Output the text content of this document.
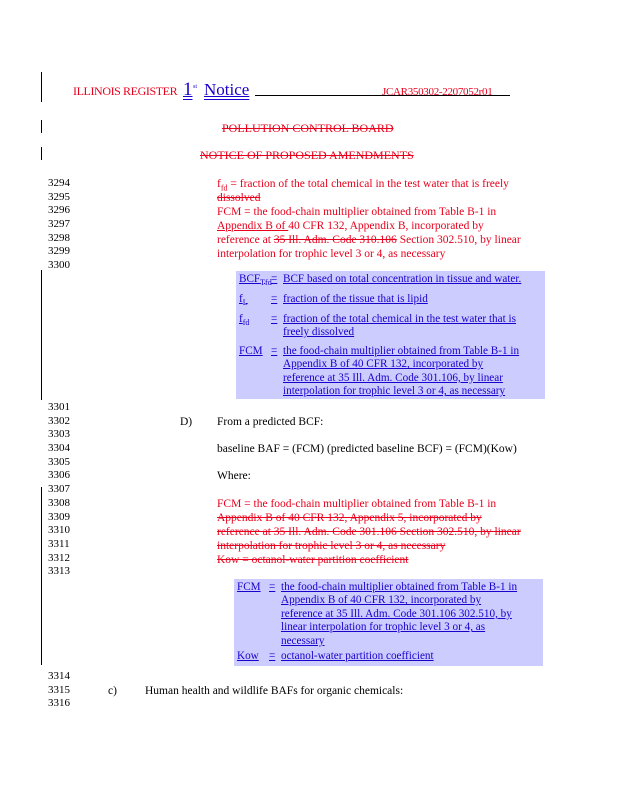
ILLINOIS REGISTER 1 st Notice	JCAR350302-2207052r01
POLLUTION CONTROL BOARD
NOTICE OF PROPOSED AMENDMENTS
3294
3295
3296
3297
3298
3299
3300
3301
3302
3303
3304
3305
3306
3307
3308
3309
3310
3311
3312
3313
3314
3315
3316
$f_{fd}$ = fraction of the total chemical in the test water that is freely
dissolved
FCM = the food-chain multiplier obtained from Table B-1 in
Appendix B of 40 CFR 132, Appendix B, incorporated by
reference at 35 Ill. Adm. Code 310.106 Section 302.510, by linear
interpolation for trophic level 3 or 4, as necessary
$BCF_{Tfd}$ = BCF based on total concentration in tissue and water.
$f_L$ = fraction of the tissue that is lipid
$f_{fd}$ = fraction of the total chemical in the test water that is
freely dissolved
FCM = the food-chain multiplier obtained from Table B-1 in
Appendix B of 40 CFR 132, incorporated by
reference at 35 Ill. Adm. Code 301.106, by linear
interpolation for trophic level 3 or 4, as necessary
D) From a predicted BCF:
baseline BAF = (FCM) (predicted baseline BCF) = (FCM)(Kow)
Where:
FCM = the food-chain multiplier obtained from Table B-1 in
Appendix B of 40 CFR 132, Appendix 5, incorporated by
reference at 35 Ill. Adm. Code 301.106 Section 302.510, by linear
interpolation for trophic level 3 or 4, as necessary
Kow = octanol-water partition coefficient
FCM = the food-chain multiplier obtained from Table B-1 in
Appendix B of 40 CFR 132, incorporated by
reference at 35 Ill. Adm. Code 301.106 302.510, by
linear interpolation for trophic level 3 or 4, as
necessary
Kow = octanol-water partition coefficient
c) Human health and wildlife BAFs for organic chemicals:
